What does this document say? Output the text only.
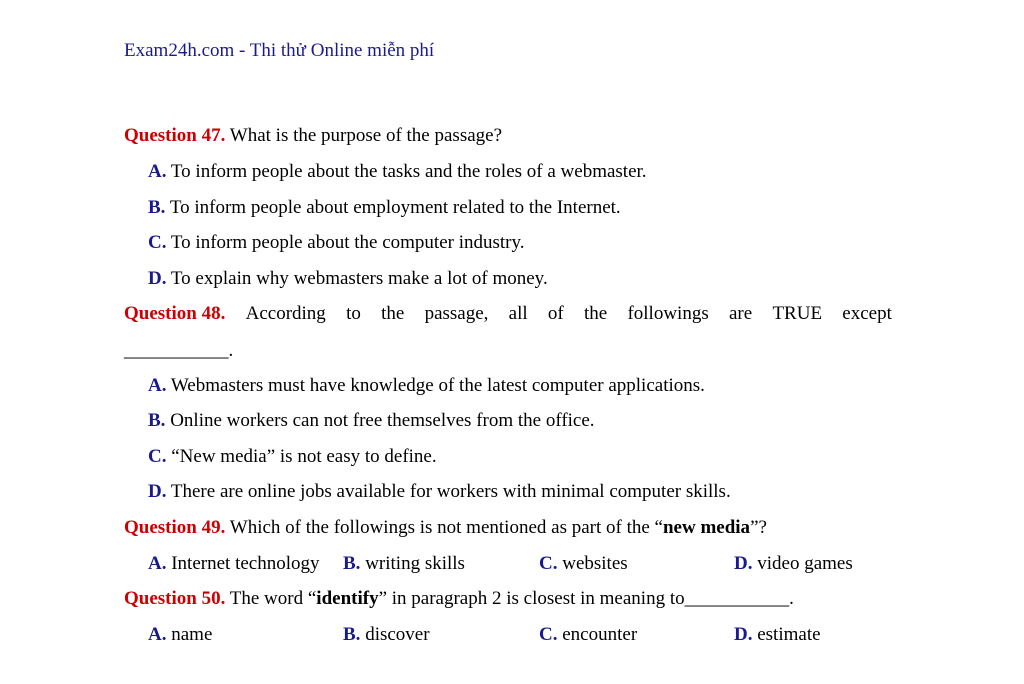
Exam24h.com - Thi thử Online miễn phí
Question 47. What is the purpose of the passage?
A. To inform people about the tasks and the roles of a webmaster.
B. To inform people about employment related to the Internet.
C. To inform people about the computer industry.
D. To explain why webmasters make a lot of money.
Question 48. According to the passage, all of the followings are TRUE except
___________.
A. Webmasters must have knowledge of the latest computer applications.
B. Online workers can not free themselves from the office.
C. “New media” is not easy to define.
D. There are online jobs available for workers with minimal computer skills.
Question 49. Which of the followings is not mentioned as part of the “new media”?
A. Internet technology B. writing skills	C. websites	D. video games
Question 50. The word “identify” in paragraph 2 is closest in meaning to___________.
A. name	B. discover	C. encounter	D. estimate
